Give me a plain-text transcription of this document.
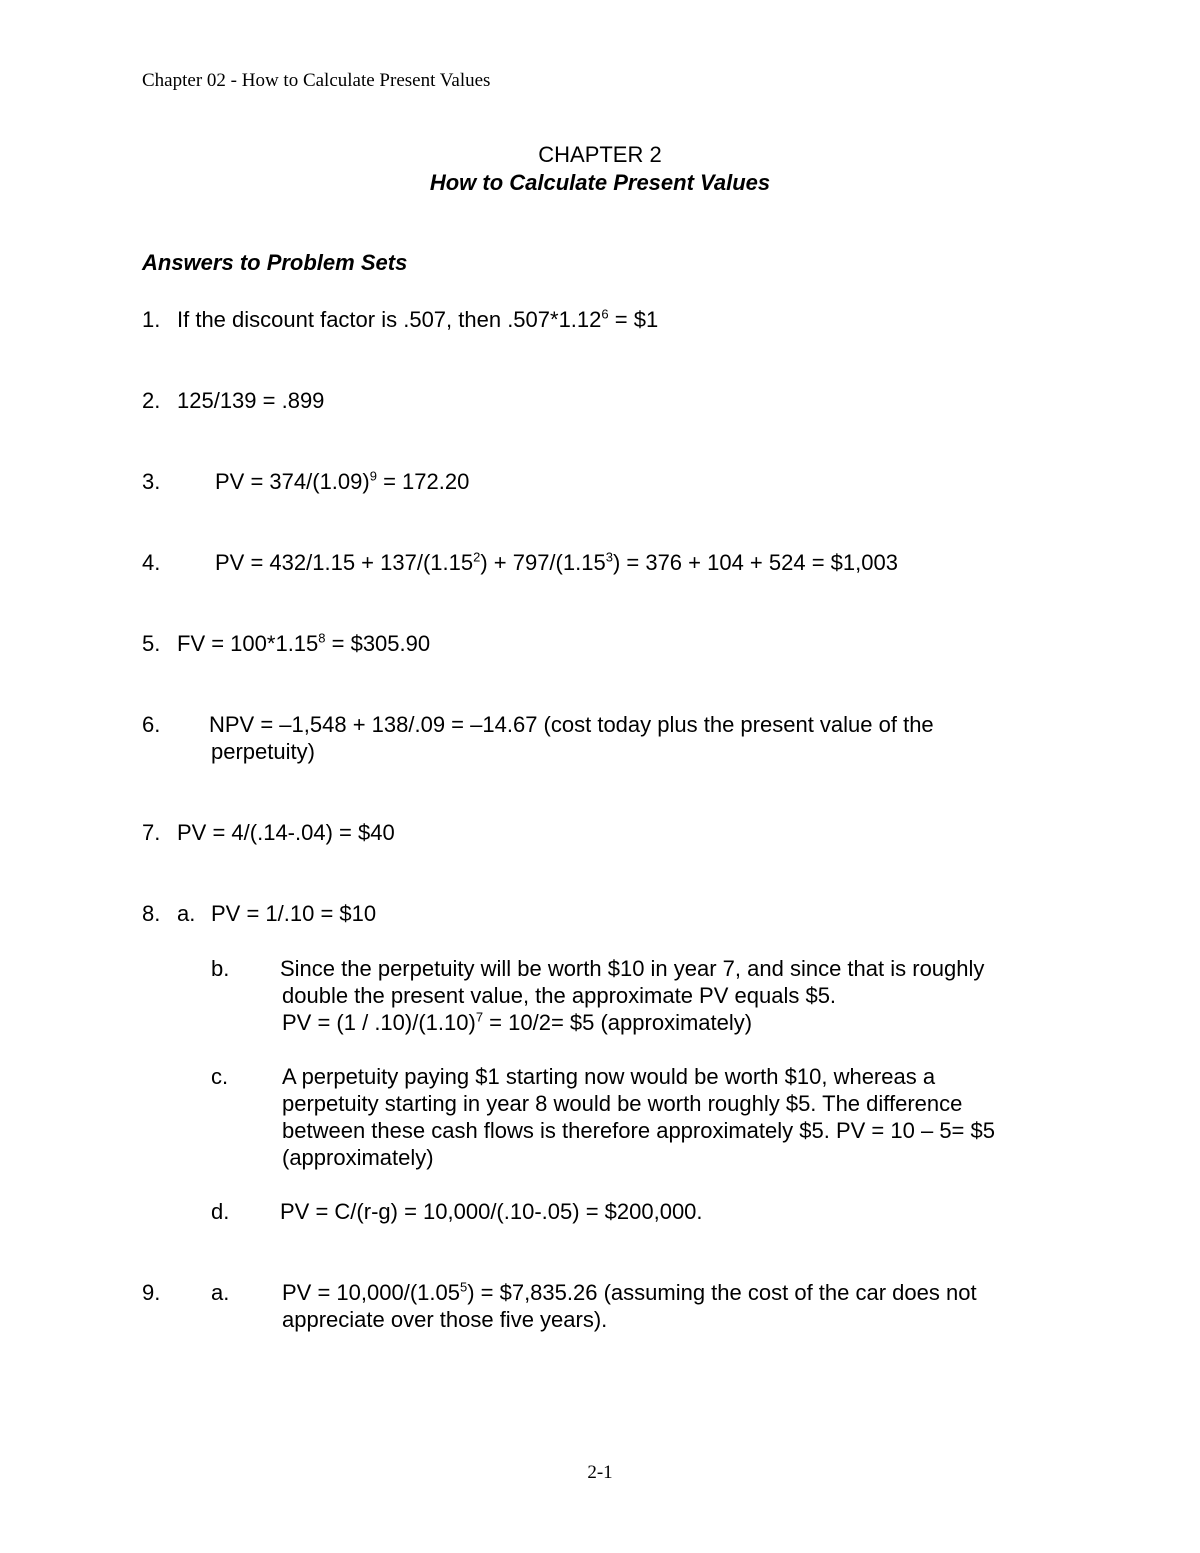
Chapter 02 - How to Calculate Present Values
CHAPTER 2
How to Calculate Present Values
Answers to Problem Sets
1. If the discount factor is .507, then $.507*1.12^6$ = $1
2. 125/139 = .899
3. PV = $374/(1.09)^9 = 172.20$
4. PV = $432/1.15 + 137/(1.15^2) + 797/(1.15^3) = 376 + 104 + 524$ = $1,003
5. FV = $100*1.15^8$ = $305.90
6. NPV = –1,548 + 138/.09 = –14.67 (cost today plus the present value of the
perpetuity)
7. PV = 4/(.14-.04) = $40
8. a. PV = 1/.10 = $10
b. Since the perpetuity will be worth $10 in year 7, and since that is roughly
double the present value, the approximate PV equals $5.
PV = $(1 / .10)/(1.10)^7 = 10/2=$ $5 (approximately)
c. A perpetuity paying $1 starting now would be worth $10, whereas a
perpetuity starting in year 8 would be worth roughly $5. The difference
between these cash flows is therefore approximately $5. PV = 10 – 5= $5
(approximately)
d. PV = C/(r-g) = 10,000/(.10-.05) = $200,000.
9. a. PV = $10,000/(1.05^5)$ = $7,835.26 (assuming the cost of the car does not
appreciate over those five years).
2-1
